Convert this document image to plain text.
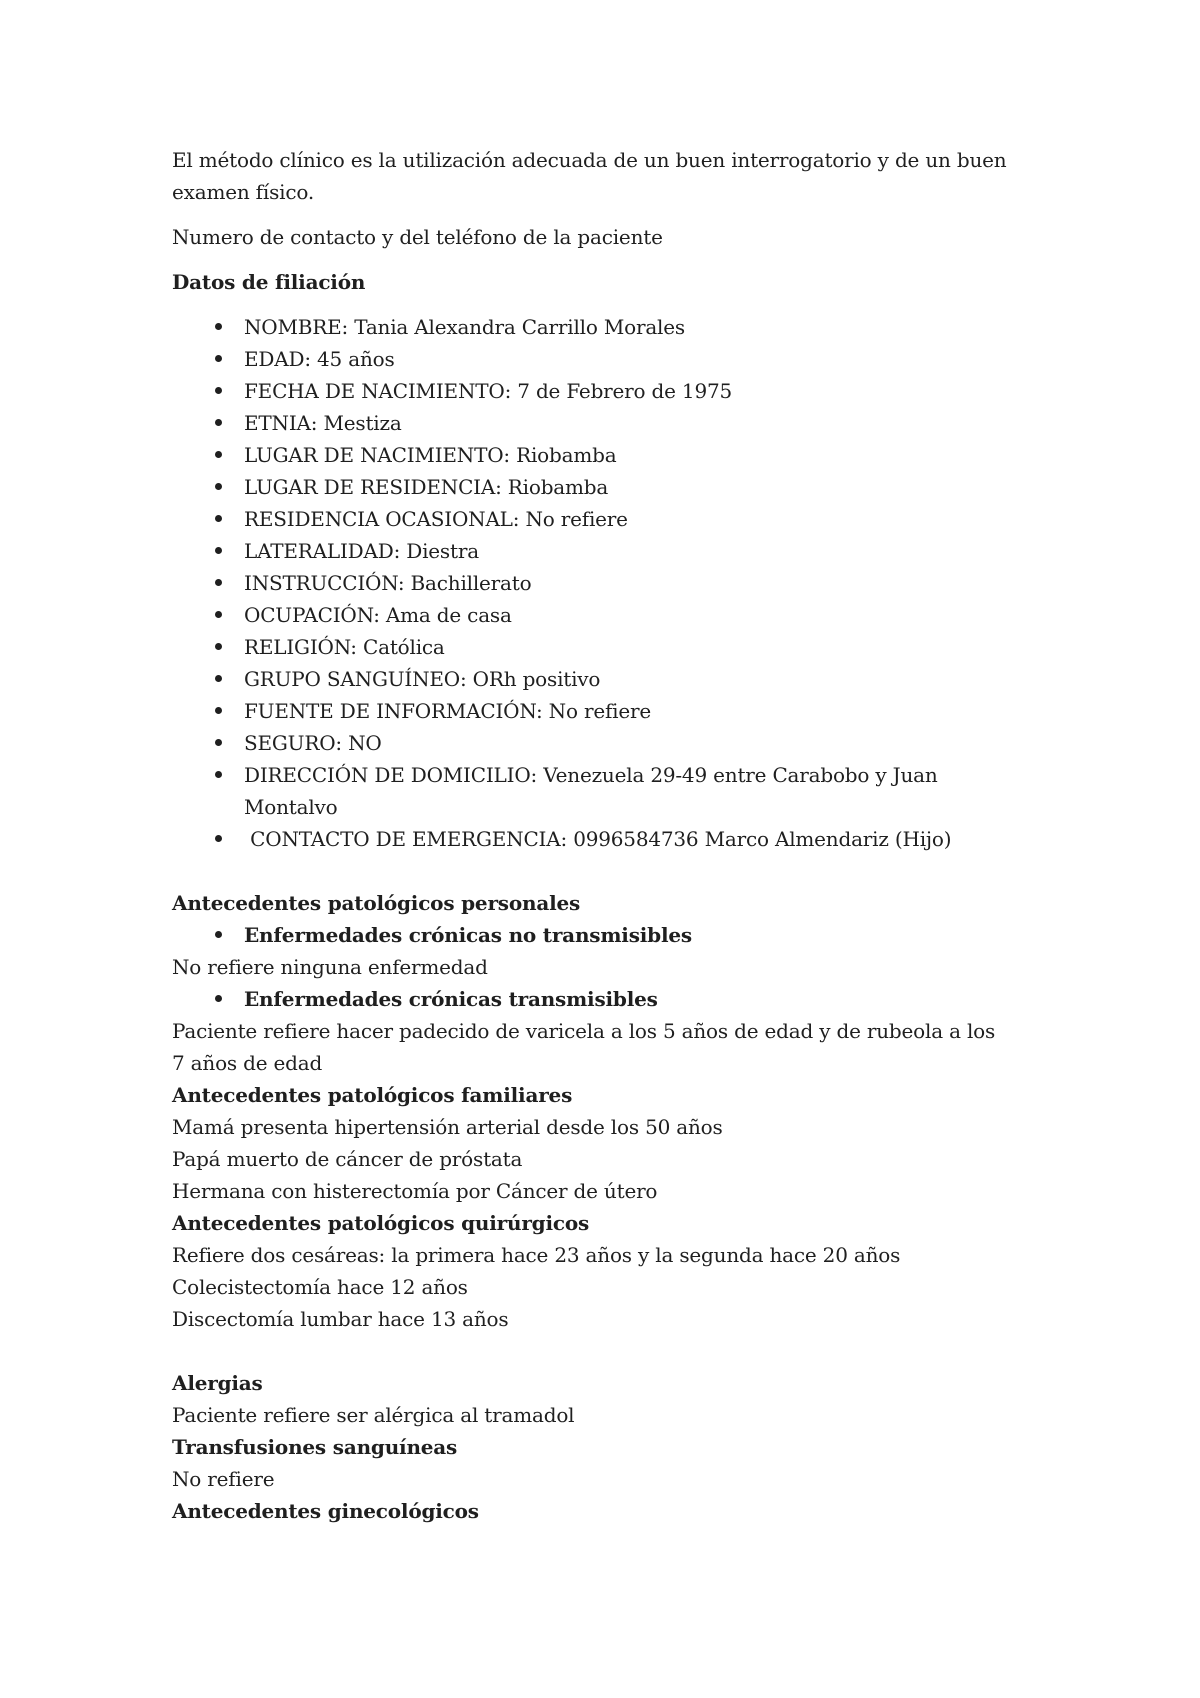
El método clínico es la utilización adecuada de un buen interrogatorio y de un buen examen físico.

Numero de contacto y del teléfono de la paciente

Datos de filiación

NOMBRE: Tania Alexandra Carrillo Morales
EDAD: 45 años
FECHA DE NACIMIENTO: 7 de Febrero de 1975
ETNIA: Mestiza
LUGAR DE NACIMIENTO: Riobamba
LUGAR DE RESIDENCIA: Riobamba
RESIDENCIA OCASIONAL: No refiere
LATERALIDAD: Diestra
INSTRUCCIÓN: Bachillerato
OCUPACIÓN: Ama de casa
RELIGIÓN: Católica
GRUPO SANGUÍNEO: ORh positivo
FUENTE DE INFORMACIÓN: No refiere
SEGURO: NO
DIRECCIÓN DE DOMICILIO: Venezuela 29-49 entre Carabobo y Juan Montalvo
CONTACTO DE EMERGENCIA: 0996584736 Marco Almendariz (Hijo)

Antecedentes patológicos personales

Enfermedades crónicas no transmisibles

No refiere ninguna enfermedad

Enfermedades crónicas transmisibles

Paciente refiere hacer padecido de varicela a los 5 años de edad y de rubeola a los 7 años de edad

Antecedentes patológicos familiares

Mamá presenta hipertensión arterial desde los 50 años

Papá muerto de cáncer de próstata

Hermana con histerectomía por Cáncer de útero

Antecedentes patológicos quirúrgicos

Refiere dos cesáreas: la primera hace 23 años y la segunda hace 20 años

Colecistectomía hace 12 años

Discectomía lumbar hace 13 años

Alergias

Paciente refiere ser alérgica al tramadol

Transfusiones sanguíneas

No refiere

Antecedentes ginecológicos
